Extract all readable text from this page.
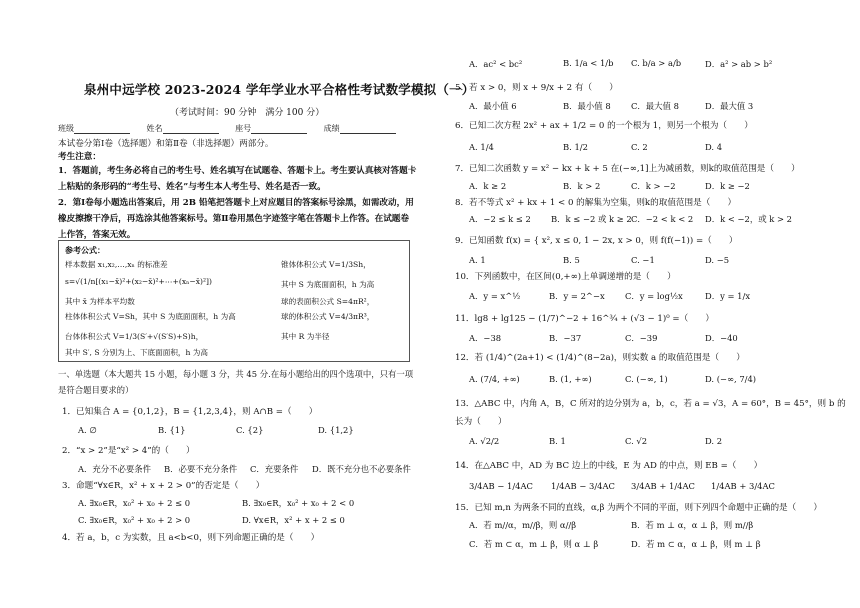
泉州中远学校 2023-2024 学年学业水平合格性考试数学模拟（一）
（考试时间：90 分钟　满分 100 分）
班级	姓名	座号	成绩
本试卷分第Ⅰ卷（选择题）和第Ⅱ卷（非选择题）两部分。
考生注意：
1．答题前，考生务必将自己的考生号、姓名填写在试题卷、答题卡上。考生要认真核对答题卡
上粘贴的条形码的“考生号、姓名”与考生本人考生号、姓名是否一致。
2．第Ⅰ卷每小题选出答案后，用 2B 铅笔把答题卡上对应题目的答案标号涂黑，如需改动，用
橡皮擦擦干净后，再选涂其他答案标号。第Ⅱ卷用黑色字迹签字笔在答题卡上作答。在试题卷
上作答，答案无效。
参考公式：
样本数据 x₁,x₂,…,xₙ 的标准差
s=√(1/n[(x₁−x̄)²+(x₂−x̄)²+⋯+(xₙ−x̄)²])
其中 x̄ 为样本平均数
柱体体积公式 V=Sh，其中 S 为底面面积，h 为高
台体体积公式 V=1/3(S′+√(S′S)+S)h，
其中 S′, S 分别为上、下底面面积，h 为高
锥体体积公式 V=1/3Sh，
其中 S 为底面面积，h 为高
球的表面积公式 S=4πR²，
球的体积公式 V=4/3πR³，
其中 R 为半径
一、单选题（本大题共 15 小题，每小题 3 分，共 45 分.在每小题给出的四个选项中，只有一项
是符合题目要求的）
1．已知集合 A = {0,1,2}，B = {1,2,3,4}，则 A∩B =（　　）
A. ∅	B. {1}	C. {2}	D. {1,2}
2．“x > 2”是“x² > 4”的（　　）
A．充分不必要条件 B．必要不充分条件 C．充要条件 D．既不充分也不必要条件
3．命题“∀x∈R，x² + x + 2 > 0”的否定是（　　）
A. ∃x₀∈R，x₀² + x₀ + 2 ≤ 0	B. ∃x₀∈R，x₀² + x₀ + 2 < 0
C. ∃x₀∈R，x₀² + x₀ + 2 > 0	D. ∀x∈R，x² + x + 2 ≤ 0
4．若 a，b，c 为实数，且 a<b<0，则下列命题正确的是（　　）
A．ac² < bc²	B. 1/a < 1/b C. b/a > a/b	D．a² > ab > b²
5．若 x > 0，则 x + 9/x + 2 有（　　）
A．最小值 6	B．最小值 8 C．最大值 8	D．最大值 3
6．已知二次方程 2x² + ax + 1/2 = 0 的一个根为 1，则另一个根为（　　）
A. 1/4	B. 1/2	C. 2	D. 4
7．已知二次函数 y = x² − kx + k + 5 在(−∞,1]上为减函数，则k的取值范围是（　　）
A．k ≥ 2	B．k > 2	C．k > −2	D．k ≥ −2
8．若不等式 x² + kx + 1 < 0 的解集为空集，则k的取值范围是（　　）
A．−2 ≤ k ≤ 2 B．k ≤ −2 或 k ≥ 2 C．−2 < k < 2 D．k < −2，或 k > 2
9．已知函数 f(x) = { x², x ≤ 0, 1 − 2x, x > 0，则 f(f(−1)) =（　　）
A. 1	B. 5	C. −1	D. −5
10．下列函数中，在区间(0,+∞)上单调递增的是（　　）
A．y = x^½	B．y = 2^−x C．y = log½x	D．y = 1/x
11．lg8 + lg125 − (1/7)^−2 + 16^¾ + (√3 − 1)⁰ =（　　）
A．−38	B．−37	C．−39	D．−40
12．若 (1/4)^(2a+1) < (1/4)^(8−2a)，则实数 a 的取值范围是（　　）
A. (7/4, +∞)	B. (1, +∞)	C. (−∞, 1)	D. (−∞, 7/4)
13．△ABC 中，内角 A，B，C 所对的边分别为 a，b，c，若 a = √3，A = 60°，B = 45°，则 b 的
长为（　　）
A. √2/2	B. 1	C. √2	D. 2
14．在△ABC 中，AD 为 BC 边上的中线，E 为 AD 的中点，则 EB =（　　）
3/4AB − 1/4AC 1/4AB − 3/4AC 3/4AB + 1/4AC 1/4AB + 3/4AC
15．已知 m,n 为两条不同的直线，α,β 为两个不同的平面，则下列四个命题中正确的是（　　）
A．若 m//α，m//β，则 α//β	B．若 m ⊥ α，α ⊥ β，则 m//β
C．若 m ⊂ α，m ⊥ β，则 α ⊥ β	D．若 m ⊂ α，α ⊥ β，则 m ⊥ β
